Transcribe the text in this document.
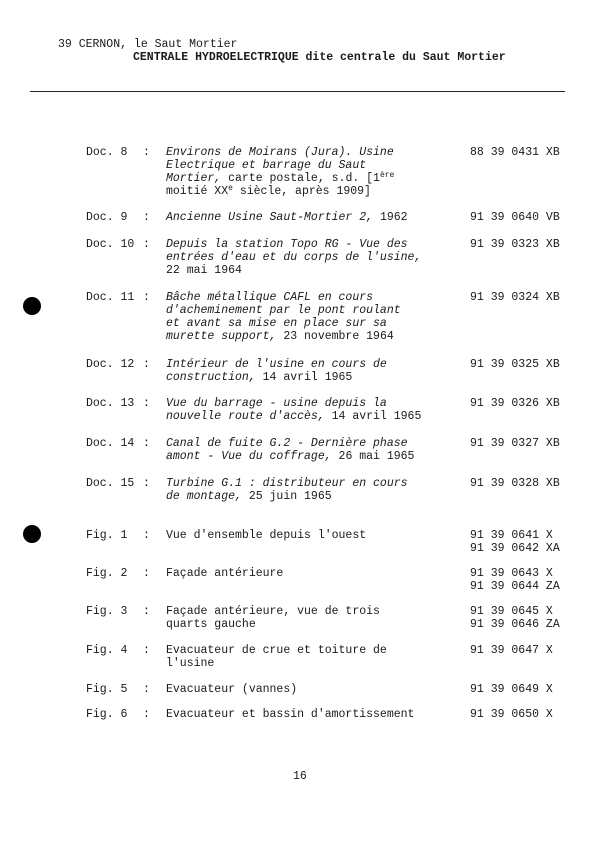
39 CERNON, le Saut Mortier
CENTRALE HYDROELECTRIQUE dite centrale du Saut Mortier
Doc. 8 : Environs de Moirans (Jura). Usine
Electrique et barrage du Saut
Mortier, carte postale, s.d. [1ère
moitié XXe siècle, après 1909]
88 39 0431 XB
Doc. 9 : Ancienne Usine Saut-Mortier 2, 1962	91 39 0640 VB
Doc. 10 : Depuis la station Topo RG - Vue des
entrées d'eau et du corps de l'usine,
22 mai 1964
91 39 0323 XB
Doc. 11 : Bâche métallique CAFL en cours
d'acheminement par le pont roulant
et avant sa mise en place sur sa
murette support, 23 novembre 1964
91 39 0324 XB
Doc. 12 : Intérieur de l'usine en cours de
construction, 14 avril 1965
91 39 0325 XB
Doc. 13 : Vue du barrage - usine depuis la
nouvelle route d'accès, 14 avril 1965
91 39 0326 XB
Doc. 14 : Canal de fuite G.2 - Dernière phase
amont - Vue du coffrage, 26 mai 1965
91 39 0327 XB
Doc. 15 : Turbine G.1 : distributeur en cours
de montage, 25 juin 1965
91 39 0328 XB
Fig. 1 : Vue d'ensemble depuis l'ouest	91 39 0641 X
91 39 0642 XA
Fig. 2 : Façade antérieure	91 39 0643 X
91 39 0644 ZA
Fig. 3 : Façade antérieure, vue de trois
quarts gauche
91 39 0645 X
91 39 0646 ZA
Fig. 4 : Evacuateur de crue et toiture de
l'usine
91 39 0647 X
Fig. 5 : Evacuateur (vannes)	91 39 0649 X
Fig. 6 : Evacuateur et bassin d'amortissement	91 39 0650 X
16
